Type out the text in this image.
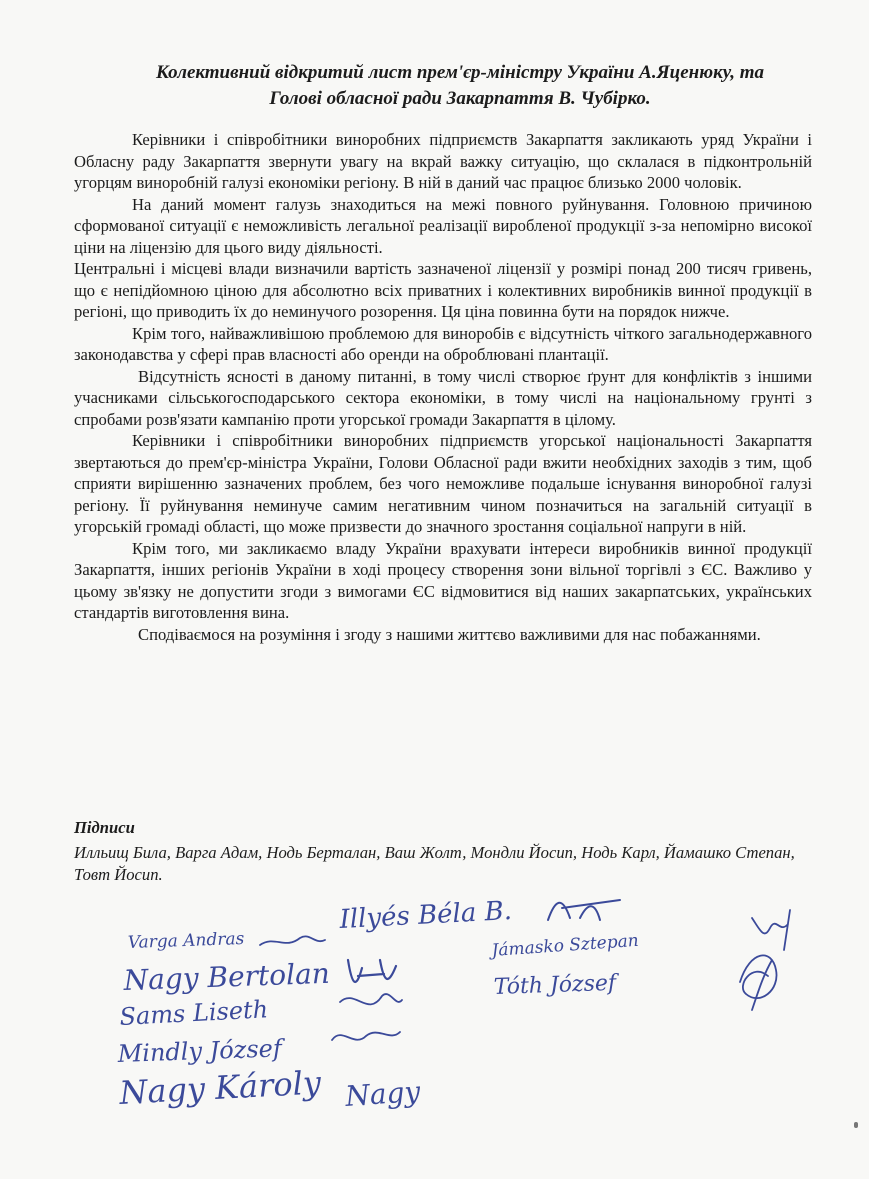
Колективний відкритий лист прем'єр-міністру України А.Яценюку, та
Голові обласної ради Закарпаття В. Чубірко.

Керівники і співробітники винoробних підприємств Закарпаття закликають уряд України і Обласну раду Закарпаття звернути увагу на вкрай важку ситуацію, що склалася в підконтрольній угорцям виноробній галузі економіки регіону. В ній в даний час працює близько 2000 чоловік.

На даний момент галузь знаходиться на межі повного руйнування. Головною причиною сформованої ситуації є неможливість легальної реалізації виробленої продукції з-за непомірно високої ціни на ліцензію для цього виду діяльності.

Центральні і місцеві влади визначили вартість зазначеної ліцензії у розмірі понад 200 тисяч гривень, що є непідйомною ціною для абсолютно всіх приватних і колективних виробників винної продукції в регіоні, що приводить їх до неминучого розорення. Ця ціна повинна бути на порядок нижче.

Крім того, найважливішою проблемою для виноробів є відсутність чіткого загальнодержавного законодавства у сфері прав власності або оренди на оброблювані плантації.

Відсутність ясності в даному питанні, в тому числі створює ґрунт для конфліктів з іншими учасниками сільськогосподарського сектора економіки, в тому числі на національному грунті з спробами розв'язати кампанію проти угорської громади Закарпаття в цілому.

Керівники і співробітники виноробних підприємств угорської національності Закарпаття звертаються до прем'єр-міністра України, Голови Обласної ради вжити необхідних заходів з тим, щоб сприяти вирішенню зазначених проблем, без чого неможливе подальше існування виноробної галузі регіону. Її руйнування неминуче самим негативним чином позначиться на загальній ситуації в угорській громаді області, що може призвести до значного зростання соціальної напруги в ній.

Крім того, ми закликаємо владу України врахувати інтереси виробників винної продукції Закарпаття, інших регіонів України в ході процесу створення зони вільної торгівлі з ЄС. Важливо у цьому зв'язку не допустити згоди з вимогами ЄС відмовитися від наших закарпатських, українських стандартів виготовлення вина.

Сподіваємося на розуміння і згоду з нашими життєво важливими для нас побажаннями.

Підписи
Илльищ Била, Варга Адам, Нодь Берталан, Ваш Жолт, Мондли Йосип, Нодь Карл, Йамашко Степан, Товт Йосип.
Illyés Béla B.
Varga Andras
Nagy Bertolan
Sams Liseth
Mindly József
Nagy Károly Nagy
Jámasko Sztepan
Tóth József
